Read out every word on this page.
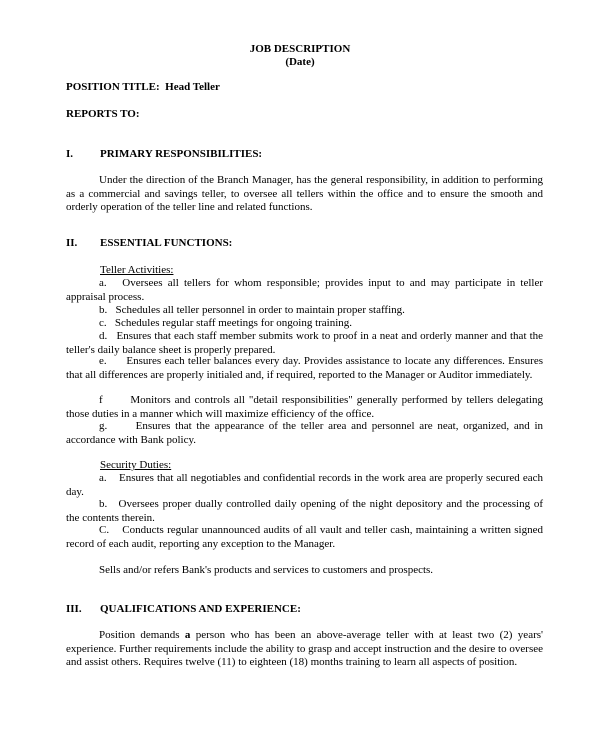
JOB DESCRIPTION
(Date)
POSITION TITLE: Head Teller
REPORTS TO:
I. PRIMARY RESPONSIBILITIES:

Under the direction of the Branch Manager, has the general responsibility, in addition to performing as a commercial and savings teller, to oversee all tellers within the office and to ensure the smooth and orderly operation of the teller line and related functions.

II. ESSENTIAL FUNCTIONS:
Teller Activities:
a. Oversees all tellers for whom responsible; provides input to and may participate in teller appraisal process.
b. Schedules all teller personnel in order to maintain proper staffing.
c. Schedules regular staff meetings for ongoing training.
d. Ensures that each staff member submits work to proof in a neat and orderly manner and that the teller's daily balance sheet is properly prepared.
e. Ensures each teller balances every day. Provides assistance to locate any differences. Ensures that all differences are properly initialed and, if required, reported to the Manager or Auditor immediately.
f	Monitors and controls all "detail responsibilities" generally performed by tellers delegating those duties in a manner which will maximize efficiency of the office.
g.	Ensures that the appearance of the teller area and personnel are neat, organized, and in accordance with Bank policy.
Security Duties:
a. Ensures that all negotiables and confidential records in the work area are properly secured each day.
b. Oversees proper dually controlled daily opening of the night depository and the processing of the contents therein.
C. Conducts regular unannounced audits of all vault and teller cash, maintaining a written signed record of each audit, reporting any exception to the Manager.

Sells and/or refers Bank's products and services to customers and prospects.

III. QUALIFICATIONS AND EXPERIENCE:

Position demands a person who has been an above-average teller with at least two (2) years' experience. Further requirements include the ability to grasp and accept instruction and the desire to oversee and assist others. Requires twelve (11) to eighteen (18) months training to learn all aspects of position.
